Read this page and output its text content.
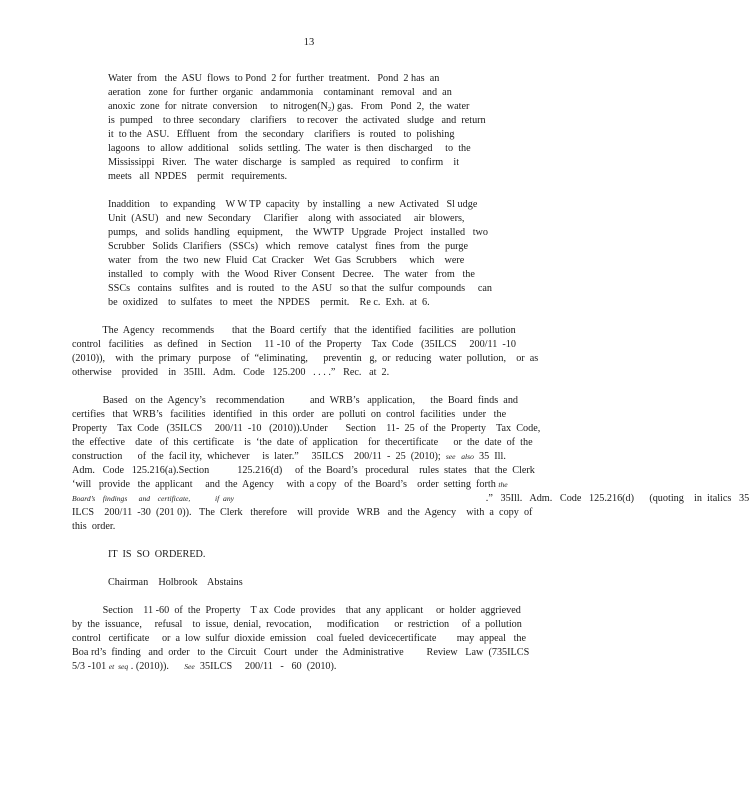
13
Water  from   the  ASU  flows  to Pond  2 for  further  treatment.   Pond  2 has  an
aeration   zone  for  further  organic   andammonia    contaminant   removal   and  an
anoxic  zone  for  nitrate  conversion     to  nitrogen(N2) gas.   From   Pond  2,  the  water
is  pumped    to three  secondary    clarifiers    to recover   the  activated   sludge   and  return
it  to the  ASU.   Effluent   from   the  secondary    clarifiers   is  routed   to  polishing
lagoons   to  allow  additional    solids  settling.  The  water  is  then  discharged     to  the
Mississippi   River.   The  water  discharge   is  sampled   as  required    to confirm    it
meets   all  NPDES    permit   requirements.
Inaddition    to  expanding    W W TP  capacity   by  installing   a  new  Activated   Sl udge
Unit  (ASU)   and  new  Secondary     Clarifier    along  with  associated     air  blowers,
pumps,   and  solids  handling   equipment,     the  WWTP   Upgrade   Project   installed   two
Scrubber   Solids  Clarifiers   (SSCs)   which   remove   catalyst   fines  from   the  purge
water   from   the  two  new  Fluid  Cat  Cracker    Wet  Gas  Scrubbers     which    were
installed   to  comply   with   the  Wood  River  Consent   Decree.    The  water   from   the
SSCs   contains   sulfites   and  is  routed   to  the  ASU   so that  the  sulfur  compounds     can
be  oxidized    to  sulfates   to  meet   the  NPDES    permit.    Re c.  Exh.  at  6.
The  Agency   recommends       that  the  Board  certify   that  the  identified   facilities   are  pollution
control   facilities    as  defined    in  Section     11 -10  of  the  Property    Tax  Code   (35ILCS     200/11  -10
(2010)),    with   the  primary   purpose    of  “eliminating,      preventin   g,  or  reducing   water  pollution,    or  as
otherwise    provided    in   35Ill.   Adm.   Code   125.200   . . . .”   Rec.   at  2.
Based   on  the  Agency’s    recommendation          and  WRB’s   application,      the  Board  finds  and
certifies   that  WRB’s   facilities   identified   in  this  order   are  polluti  on  control  facilities   under   the
Property    Tax  Code   (35ILCS     200/11  -10   (2010)).Under       Section    11-  25  of  the  Property    Tax  Code,
the  effective    date   of  this  certificate    is  ‘the  date  of  application    for  thecertificate      or  the  date  of  the
construction      of  the  facil ity,  whichever     is  later.”     35ILCS    200/11  -  25  (2010); see   also 35  Ill.
Adm.   Code   125.216(a).Section           125.216(d)     of  the  Board’s   procedural    rules  states   that  the  Clerk
‘will   provide   the  applicant     and  the  Agency     with  a copy   of  the  Board’s    order  setting  forth the
Board’s    findings      and    certificate,             if  any .”   35Ill.   Adm.   Code   125.216(d)      (quoting    in  italics   35
ILCS    200/11  -30  (201 0)).   The  Clerk   therefore    will  provide   WRB   and  the  Agency    with  a  copy  of
this  order.
IT  IS  SO  ORDERED.
Chairman    Holbrook    Abstains
Section    11 -60  of  the  Property    T ax  Code  provides    that  any  applicant     or  holder  aggrieved
by  the  issuance,     refusal    to  issue,  denial,  revocation,      modification      or  restriction     of  a  pollution
control   certificate     or  a  low  sulfur  dioxide  emission    coal  fueled  devicecertificate        may  appeal   the
Boa rd’s  finding   and  order   to  the  Circuit   Court   under   the  Administrative         Review   Law  (735ILCS
5/3 -101 et  seq . (2010)). See 35ILCS     200/11   -   60  (2010).
